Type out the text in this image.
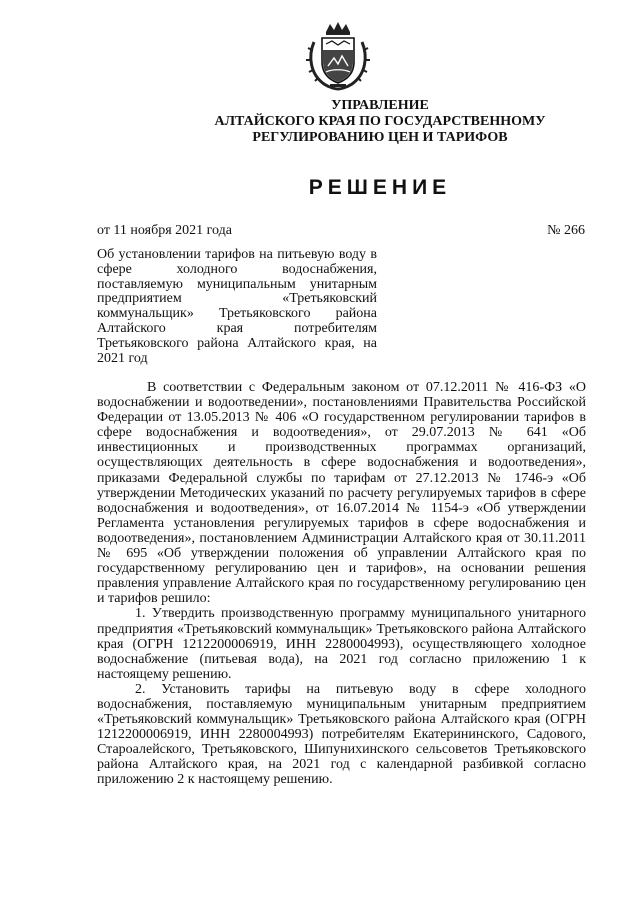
УПРАВЛЕНИЕ
АЛТАЙСКОГО КРАЯ ПО ГОСУДАРСТВЕННОМУ
РЕГУЛИРОВАНИЮ ЦЕН И ТАРИФОВ
РЕШЕНИЕ
от 11 ноября 2021 года	№ 266
Об установлении тарифов на питьевую воду в сфере холодного водоснабжения, поставляемую муниципальным унитарным предприятием «Третьяковский коммунальщик» Третьяковского района Алтайского края потребителям Третьяковского района Алтайского края, на 2021 год

В соответствии с Федеральным законом от 07.12.2011 № 416-ФЗ «О водоснабжении и водоотведении», постановлениями Правительства Российской Федерации от 13.05.2013 № 406 «О государственном регулировании тарифов в сфере водоснабжения и водоотведения», от 29.07.2013 № 641 «Об инвестиционных и производственных программах организаций, осуществляющих деятельность в сфере водоснабжения и водоотведения», приказами Федеральной службы по тарифам от 27.12.2013 № 1746-э «Об утверждении Методических указаний по расчету регулируемых тарифов в сфере водоснабжения и водоотведения», от 16.07.2014 № 1154-э «Об утверждении Регламента установления регулируемых тарифов в сфере водоснабжения и водоотведения», постановлением Администрации Алтайского края от 30.11.2011 № 695 «Об утверждении положения об управлении Алтайского края по государственному регулированию цен и тарифов», на основании решения правления управление Алтайского края по государственному регулированию цен и тарифов решило:

1. Утвердить производственную программу муниципального унитарного предприятия «Третьяковский коммунальщик» Третьяковского района Алтайского края (ОГРН 1212200006919, ИНН 2280004993), осуществляющего холодное водоснабжение (питьевая вода), на 2021 год согласно приложению 1 к настоящему решению.

2. Установить тарифы на питьевую воду в сфере холодного водоснабжения, поставляемую муниципальным унитарным предприятием «Третьяковский коммунальщик» Третьяковского района Алтайского края (ОГРН 1212200006919, ИНН 2280004993) потребителям Екатерининского, Садового, Староалейского, Третьяковского, Шипунихинского сельсоветов Третьяковского района Алтайского края, на 2021 год с календарной разбивкой согласно приложению 2 к настоящему решению.
